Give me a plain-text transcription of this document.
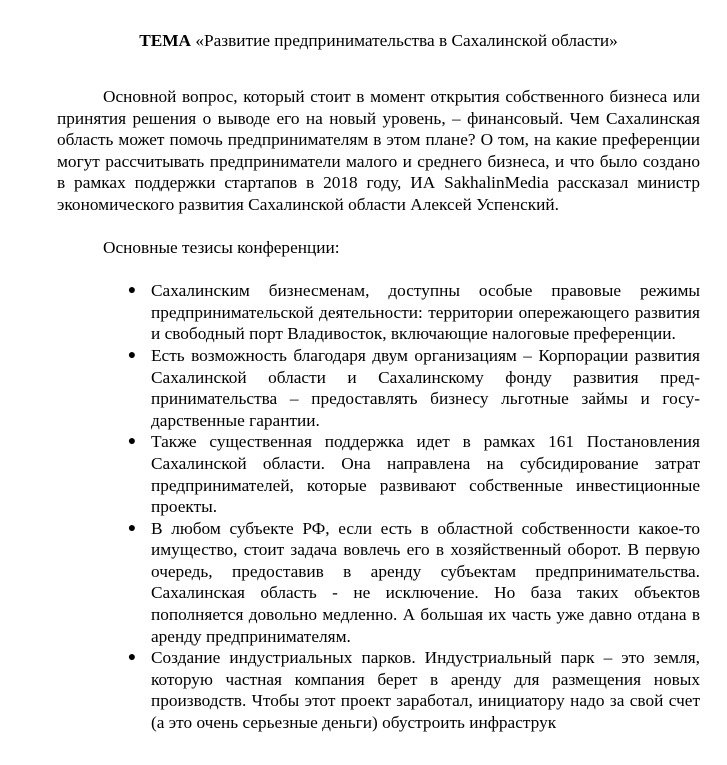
ТЕМА «Развитие предпринимательства в Сахалинской области»

Основной вопрос, который стоит в момент открытия собственного бизнеса или принятия решения о выводе его на новый уровень, – финансовый. Чем Сахалинская область может помочь предпринимателям в этом плане? О том, на какие преференции могут рассчитывать предприниматели малого и среднего бизнеса, и что было создано в рамках поддержки стартапов в 2018 году, ИА SakhalinMedia рассказал министр экономического развития Сахалинской области Алексей Успенский.

Основные тезисы конференции:

● Сахалинским бизнесменам, доступны особые правовые режимы предпринимательской деятельности: территории опережающего развития и свободный порт Владивосток, включающие налоговые преференции.
● Есть возможность благодаря двум организациям – Корпорации развития Сахалинской области и Сахалинскому фонду развития предпринимательства – предоставлять бизнесу льготные займы и государственные гарантии.
● Также существенная поддержка идет в рамках 161 Постановления Сахалинской области. Она направлена на субсидирование затрат предпринимателей, которые развивают собственные инвестиционные проекты.
● В любом субъекте РФ, если есть в областной собственности какое-то имущество, стоит задача вовлечь его в хозяйственный оборот. В первую очередь, предоставив в аренду субъектам предпринимательства. Сахалинская область - не исключение. Но база таких объектов пополняется довольно медленно. А большая их часть уже давно отдана в аренду предпринимателям.
● Создание индустриальных парков. Индустриальный парк – это земля, которую частная компания берет в аренду для размещения новых производств. Чтобы этот проект заработал, инициатору надо за свой счет (а это очень серьезные деньги) обустроить инфраструк
